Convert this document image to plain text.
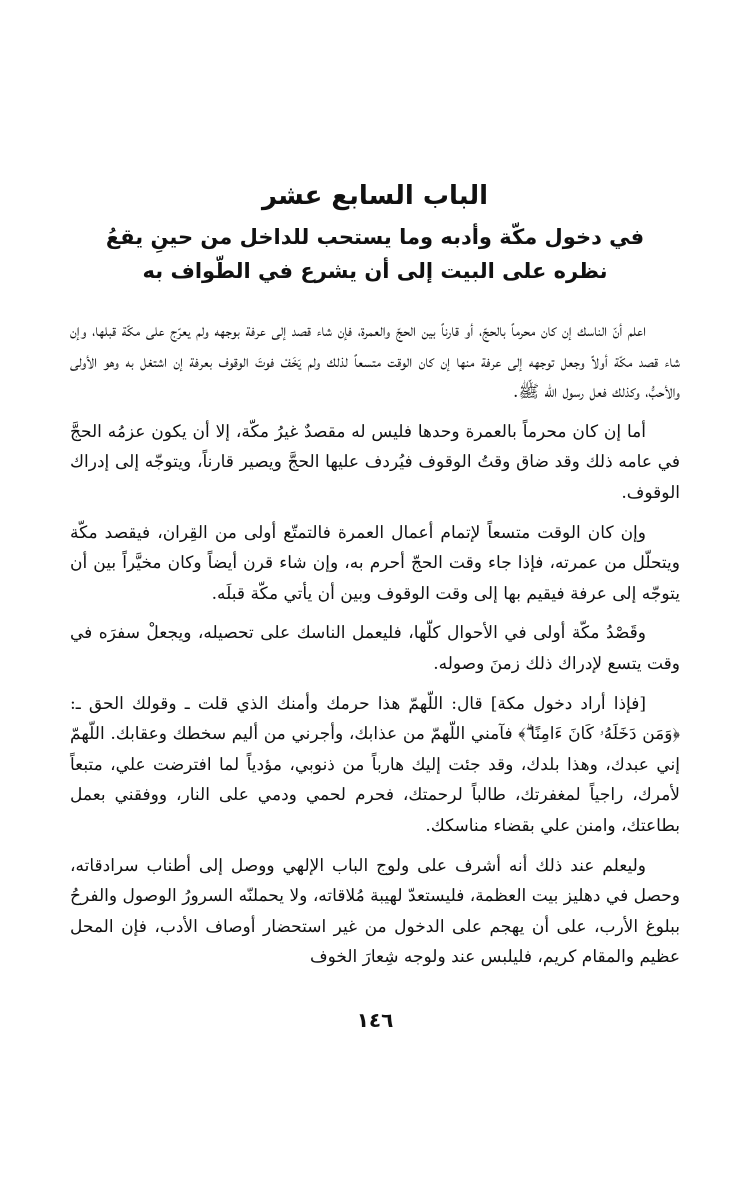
الباب السابع عشر
في دخول مكّة وأدبه وما يستحب للداخل من حينِ يقعُ
نظره على البيت إلى أن يشرع في الطّواف به

اعلم أنّ الناسك إن كان محرماً بالحجّ، أو قارناً بين الحجّ والعمرة، فإن شاء قصد إلى عرفة بوجهه ولم يعرّج على مكّة قبلها، وإن شاء قصد مكّة أولاً وجعل توجهه إلى عرفة منها إن كان الوقت متسعاً لذلك ولم يَخَفْ فوتَ الوقوف بعرفة إن اشتغل به وهو الأولى والأحبُّ، وكذلك فعل رسول الله ﷺ.

أما إن كان محرماً بالعمرة وحدها فليس له مقصدٌ غيرُ مكّة، إلا أن يكون عزمُه الحجَّ في عامه ذلك وقد ضاق وقتُ الوقوف فيُردف عليها الحجَّ ويصير قارناً، ويتوجّه إلى إدراك الوقوف.

وإن كان الوقت متسعاً لإتمام أعمال العمرة فالتمتّع أولى من القِران، فيقصد مكّة ويتحلّل من عمرته، فإذا جاء وقت الحجّ أحرم به، وإن شاء قرن أيضاً وكان مخيَّراً بين أن يتوجّه إلى عرفة فيقيم بها إلى وقت الوقوف وبين أن يأتي مكّة قبلَه.

وقَصْدُ مكّة أولى في الأحوال كلّها، فليعمل الناسك على تحصيله، ويجعلْ سفرَه في وقت يتسع لإدراك ذلك زمنَ وصوله.

[فإذا أراد دخول مكة] قال: اللّهمّ هذا حرمك وأمنك الذي قلت ـ وقولك الحق ـ: ﴿وَمَن دَخَلَهُۥ كَانَ ءَامِنًا ۗ﴾ فآمني اللّهمّ من عذابك، وأجرني من أليم سخطك وعقابك. اللّهمّ إني عبدك، وهذا بلدك، وقد جئت إليك هارباً من ذنوبي، مؤدياً لما افترضت علي، متبعاً لأمرك، راجياً لمغفرتك، طالباً لرحمتك، فحرم لحمي ودمي على النار، ووفقني بعمل بطاعتك، وامنن علي بقضاء مناسكك.

وليعلم عند ذلك أنه أشرف على ولوج الباب الإلهي ووصل إلى أطناب سرادقاته، وحصل في دهليز بيت العظمة، فليستعدّ لهيبة مُلاقاته، ولا يحملنّه السرورُ الوصول والفرحُ ببلوغ الأرب، على أن يهجم على الدخول من غير استحضار أوصاف الأدب، فإن المحل عظيم والمقام كريم، فليلبس عند ولوجه شِعارَ الخوف

١٤٦
